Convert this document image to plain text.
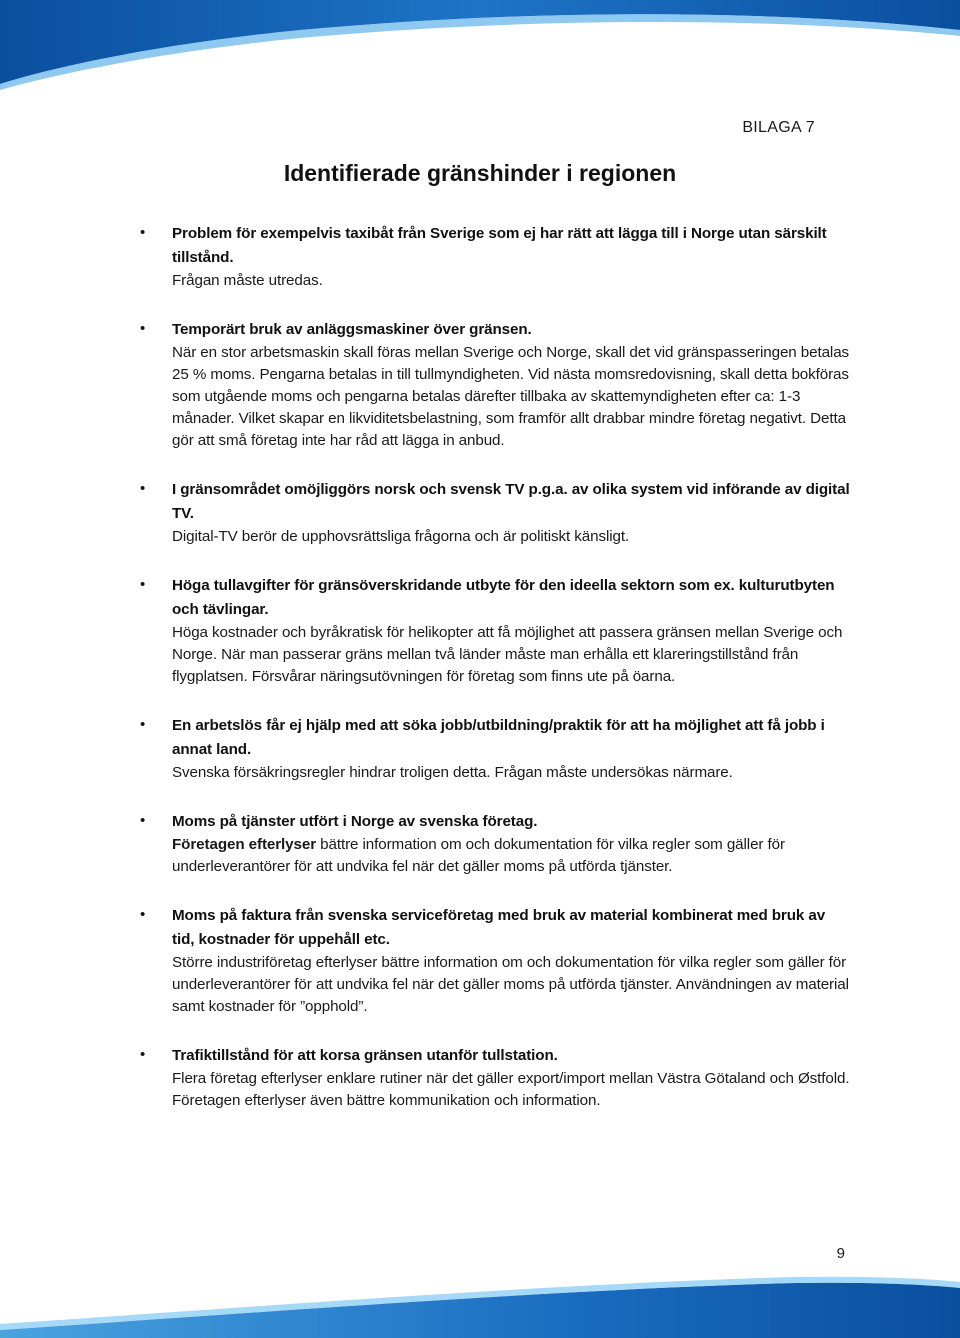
BILAGA 7
Identifierade gränshinder i regionen
• Problem för exempelvis taxibåt från Sverige som ej har rätt att lägga till i Norge utan särskilt tillstånd.

Frågan måste utredas.

• Temporärt bruk av anläggsmaskiner över gränsen.

När en stor arbetsmaskin skall föras mellan Sverige och Norge, skall det vid gränspasseringen betalas 25 % moms. Pengarna betalas in till tullmyndigheten. Vid nästa momsredovisning, skall detta bokföras som utgående moms och pengarna betalas därefter tillbaka av skattemyndigheten efter ca: 1-3 månader. Vilket skapar en likviditetsbelastning, som framför allt drabbar mindre företag negativt. Detta gör att små företag inte har råd att lägga in anbud.

• I gränsområdet omöjliggörs norsk och svensk TV p.g.a. av olika system vid införande av digital TV.

Digital-TV berör de upphovsrättsliga frågorna och är politiskt känsligt.

• Höga tullavgifter för gränsöverskridande utbyte för den ideella sektorn som ex. kulturutbyten och tävlingar.

Höga kostnader och byråkratisk för helikopter att få möjlighet att passera gränsen mellan Sverige och Norge. När man passerar gräns mellan två länder måste man erhålla ett klareringstillstånd från flygplatsen. Försvårar näringsutövningen för företag som finns ute på öarna.

• En arbetslös får ej hjälp med att söka jobb/utbildning/praktik för att ha möjlighet att få jobb i annat land.

Svenska försäkringsregler hindrar troligen detta. Frågan måste undersökas närmare.

• Moms på tjänster utfört i Norge av svenska företag.

Företagen efterlyser bättre information om och dokumentation för vilka regler som gäller för underleverantörer för att undvika fel när det gäller moms på utförda tjänster.

• Moms på faktura från svenska serviceföretag med bruk av material kombinerat med bruk av tid, kostnader för uppehåll etc.

Större industriföretag efterlyser bättre information om och dokumentation för vilka regler som gäller för underleverantörer för att undvika fel när det gäller moms på utförda tjänster. Användningen av material samt kostnader för ”opphold”.

• Trafiktillstånd för att korsa gränsen utanför tullstation.

Flera företag efterlyser enklare rutiner när det gäller export/import mellan Västra Götaland och Østfold. Företagen efterlyser även bättre kommunikation och information.

9
